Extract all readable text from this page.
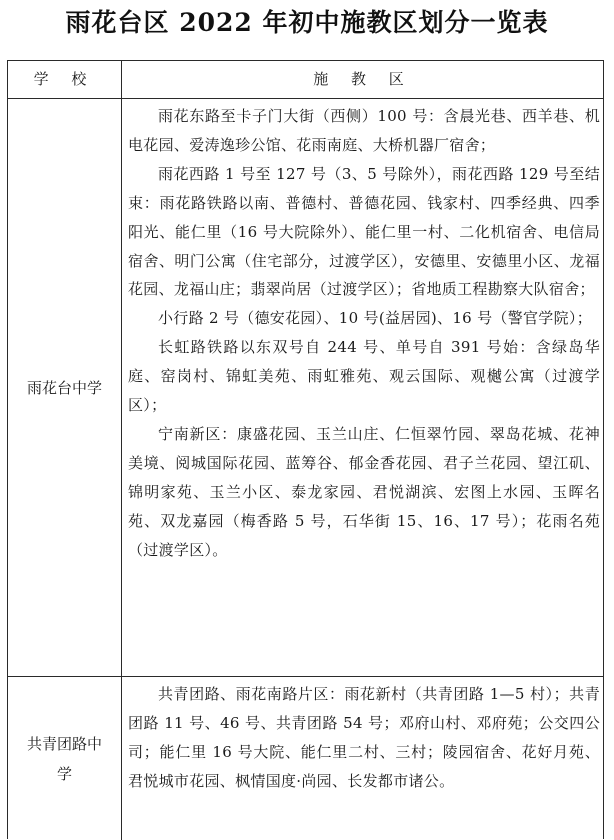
雨花台区 2022 年初中施教区划分一览表
学 校	施 教 区
雨花台中学

雨花东路至卡子门大街（西侧）100 号：含晨光巷、西羊巷、机电花园、爱涛逸珍公馆、花雨南庭、大桥机器厂宿舍；

雨花西路 1 号至 127 号（3、5 号除外），雨花西路 129 号至结束：雨花路铁路以南、普德村、普德花园、钱家村、四季经典、四季阳光、能仁里（16 号大院除外）、能仁里一村、二化机宿舍、电信局宿舍、明门公寓（住宅部分，过渡学区），安德里、安德里小区、龙福花园、龙福山庄；翡翠尚居（过渡学区）；省地质工程勘察大队宿舍；

小行路 2 号（德安花园）、10 号(益居园)、16 号（警官学院）；

长虹路铁路以东双号自 244 号、单号自 391 号始：含绿岛华庭、窑岗村、锦虹美苑、雨虹雅苑、观云国际、观樾公寓（过渡学区）；

宁南新区：康盛花园、玉兰山庄、仁恒翠竹园、翠岛花城、花神美境、阅城国际花园、蓝筹谷、郁金香花园、君子兰花园、望江矶、锦明家苑、玉兰小区、泰龙家园、君悦湖滨、宏图上水园、玉晖名苑、双龙嘉园（梅香路 5 号，石华街 15、16、17 号）；花雨名苑（过渡学区）。

共青团路中学

共青团路、雨花南路片区：雨花新村（共青团路 1—5 村）；共青团路 11 号、46 号、共青团路 54 号；邓府山村、邓府苑；公交四公司；能仁里 16 号大院、能仁里二村、三村；陵园宿舍、花好月苑、君悦城市花园、枫情国度·尚园、长发都市诸公。
